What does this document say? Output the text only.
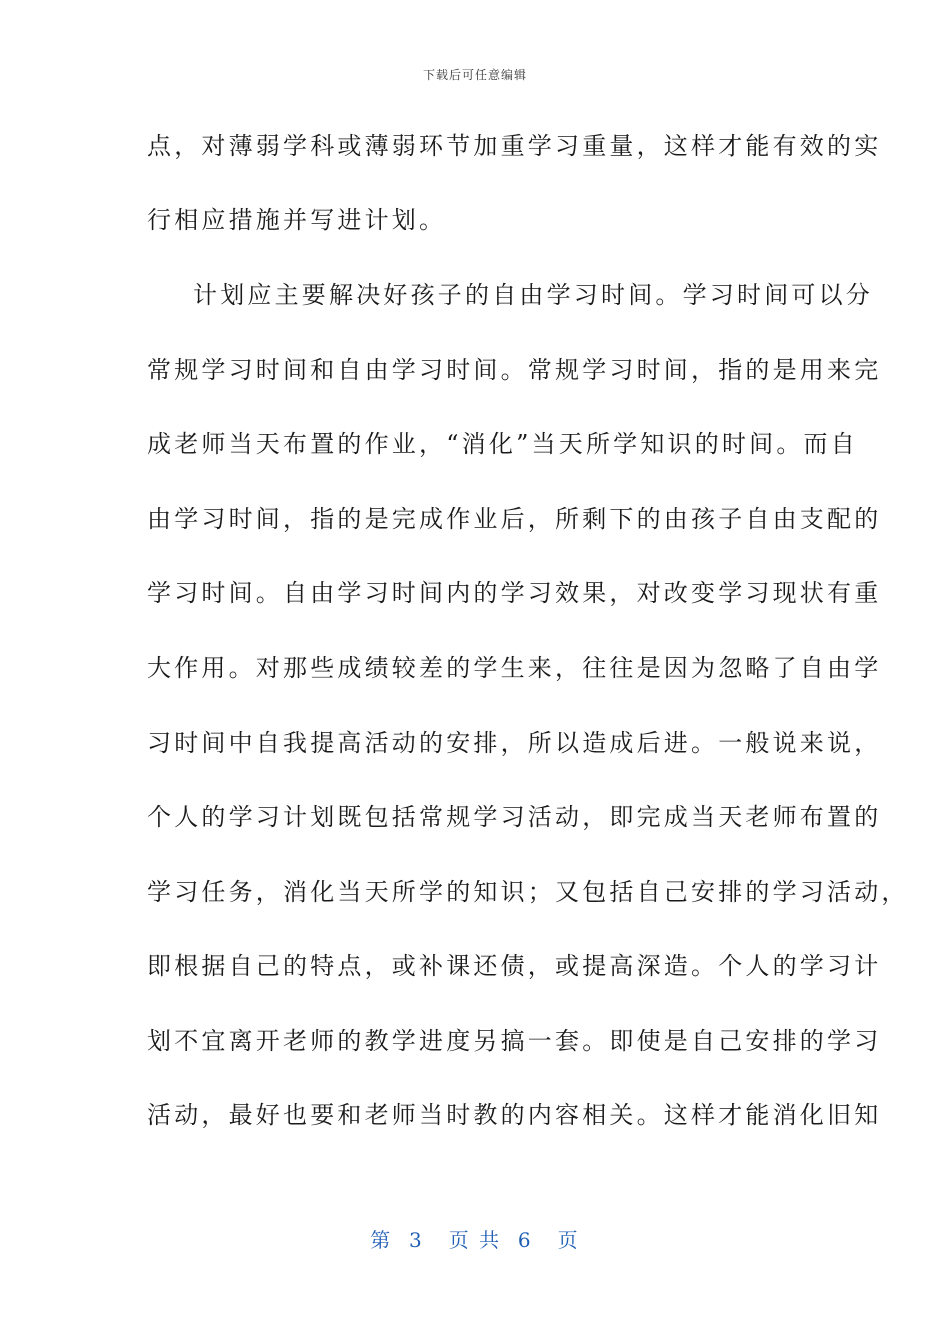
下载后可任意编辑
点，对薄弱学科或薄弱环节加重学习重量，这样才能有效的实
行相应措施并写进计划。
计划应主要解决好孩子的自由学习时间。学习时间可以分
常规学习时间和自由学习时间。常规学习时间，指的是用来完
成老师当天布置的作业，“消化”当天所学知识的时间。而自
由学习时间，指的是完成作业后，所剩下的由孩子自由支配的
学习时间。自由学习时间内的学习效果，对改变学习现状有重
大作用。对那些成绩较差的学生来，往往是因为忽略了自由学
习时间中自我提高活动的安排，所以造成后进。一般说来说，
个人的学习计划既包括常规学习活动，即完成当天老师布置的
学习任务，消化当天所学的知识；又包括自己安排的学习活动，
即根据自己的特点，或补课还债，或提高深造。个人的学习计
划不宜离开老师的教学进度另搞一套。即使是自己安排的学习
活动，最好也要和老师当时教的内容相关。这样才能消化旧知
第  3   页 共  6   页
